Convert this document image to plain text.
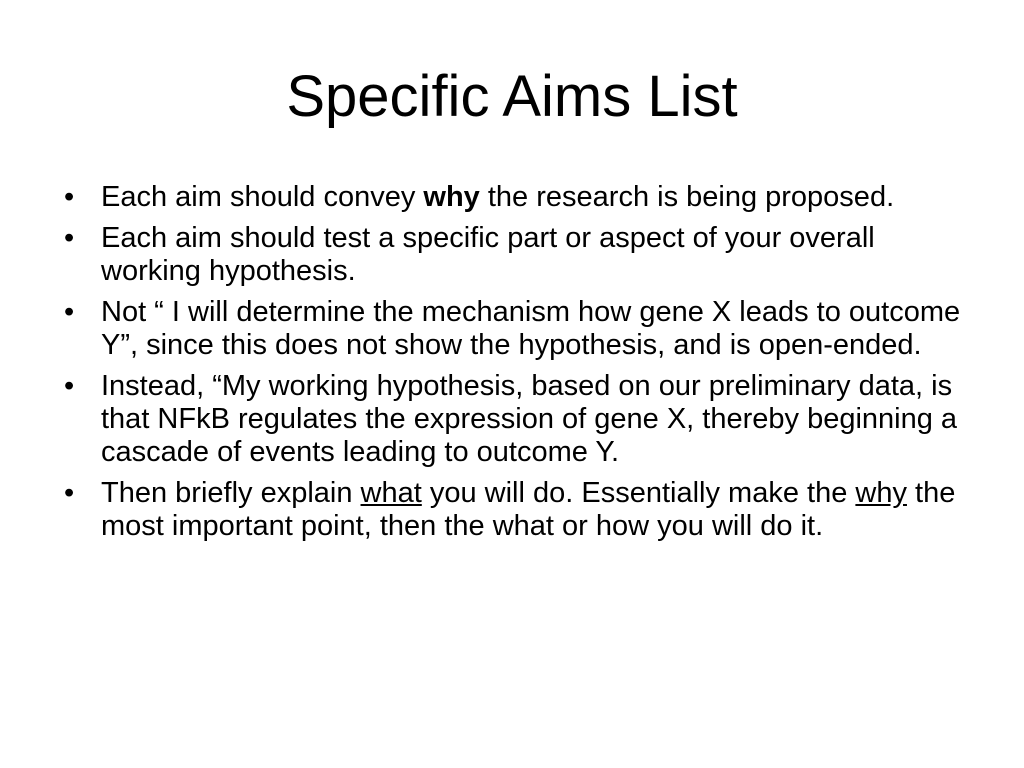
Specific Aims List
• Each aim should convey why the research is being proposed.
• Each aim should test a specific part or aspect of your overall working hypothesis.
• Not “ I will determine the mechanism how gene X leads to outcome Y”, since this does not show the hypothesis, and is open-ended.
• Instead, “My working hypothesis, based on our preliminary data, is that NFkB regulates the expression of gene X, thereby beginning a cascade of events leading to outcome Y.
• Then briefly explain what you will do. Essentially make the why the most important point, then the what or how you will do it.
